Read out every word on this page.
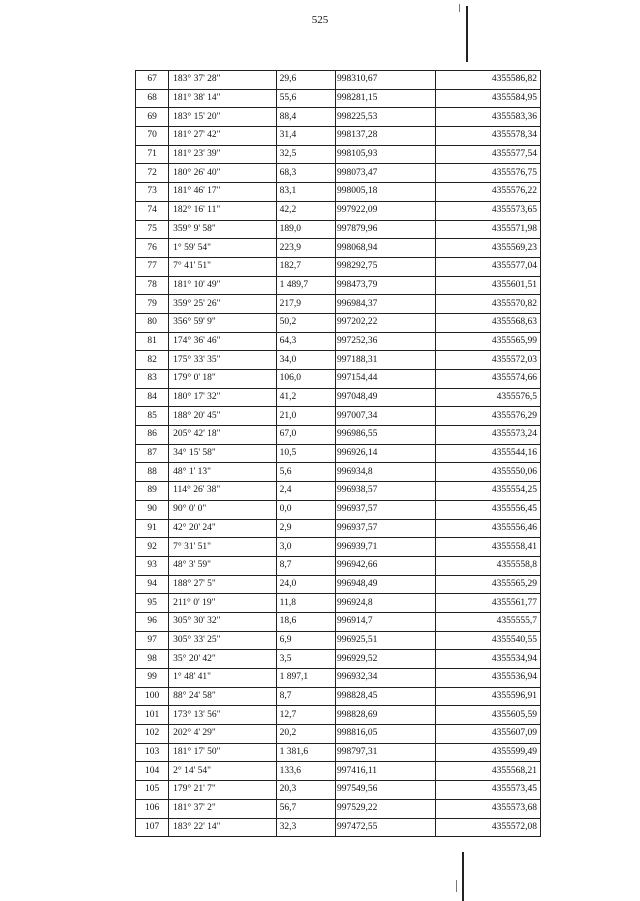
525
67	183° 37' 28"	29,6	998310,67	4355586,82
68	181° 38' 14"	55,6	998281,15	4355584,95
69	183° 15' 20"	88,4	998225,53	4355583,36
70	181° 27' 42"	31,4	998137,28	4355578,34
71	181° 23' 39"	32,5	998105,93	4355577,54
72	180° 26' 40"	68,3	998073,47	4355576,75
73	181° 46' 17"	83,1	998005,18	4355576,22
74	182° 16' 11"	42,2	997922,09	4355573,65
75	359° 9' 58"	189,0	997879,96	4355571,98
76	1° 59' 54"	223,9	998068,94	4355569,23
77	7° 41' 51"	182,7	998292,75	4355577,04
78	181° 10' 49"	1 489,7	998473,79	4355601,51
79	359° 25' 26"	217,9	996984,37	4355570,82
80	356° 59' 9"	50,2	997202,22	4355568,63
81	174° 36' 46"	64,3	997252,36	4355565,99
82	175° 33' 35"	34,0	997188,31	4355572,03
83	179° 0' 18"	106,0	997154,44	4355574,66
84	180° 17' 32"	41,2	997048,49	4355576,5
85	188° 20' 45"	21,0	997007,34	4355576,29
86	205° 42' 18"	67,0	996986,55	4355573,24
87	34° 15' 58"	10,5	996926,14	4355544,16
88	48° 1' 13"	5,6	996934,8	4355550,06
89	114° 26' 38"	2,4	996938,57	4355554,25
90	90° 0' 0"	0,0	996937,57	4355556,45
91	42° 20' 24"	2,9	996937,57	4355556,46
92	7° 31' 51"	3,0	996939,71	4355558,41
93	48° 3' 59"	8,7	996942,66	4355558,8
94	188° 27' 5"	24,0	996948,49	4355565,29
95	211° 0' 19"	11,8	996924,8	4355561,77
96	305° 30' 32"	18,6	996914,7	4355555,7
97	305° 33' 25"	6,9	996925,51	4355540,55
98	35° 20' 42"	3,5	996929,52	4355534,94
99	1° 48' 41"	1 897,1	996932,34	4355536,94
100	88° 24' 58"	8,7	998828,45	4355596,91
101	173° 13' 56"	12,7	998828,69	4355605,59
102	202° 4' 29"	20,2	998816,05	4355607,09
103	181° 17' 50"	1 381,6	998797,31	4355599,49
104	2° 14' 54"	133,6	997416,11	4355568,21
105	179° 21' 7"	20,3	997549,56	4355573,45
106	181° 37' 2"	56,7	997529,22	4355573,68
107	183° 22' 14"	32,3	997472,55	4355572,08
